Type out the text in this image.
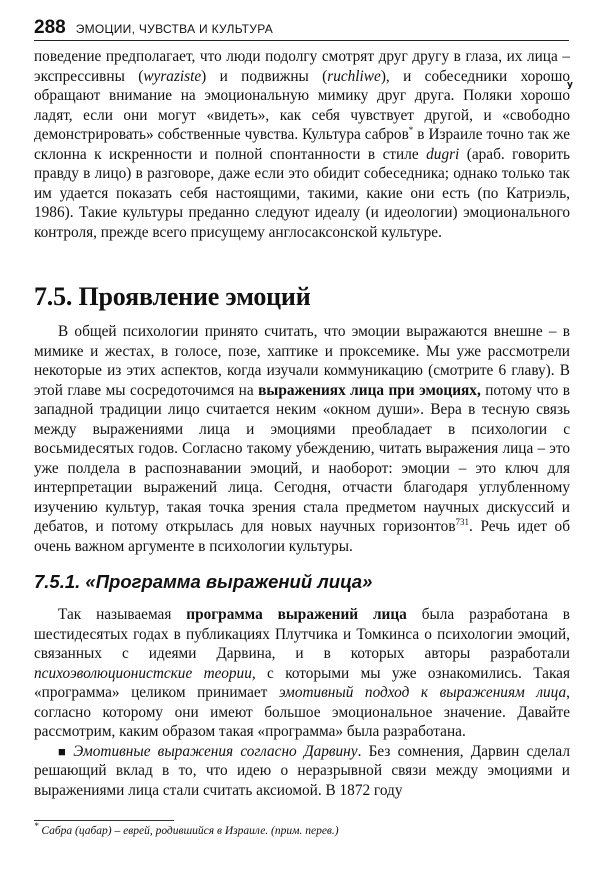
288 ЭМОЦИИ, ЧУВСТВА И КУЛЬТУРА
у

поведение предполагает, что люди подолгу смотрят друг другу в глаза, их лица – экспрессивны (wyraziste) и подвижны (ruchliwe), и собеседники хорошо обращают внимание на эмоциональную мимику друг друга. Поляки хорошо ладят, если они могут «видеть», как себя чувствует другой, и «свободно демонстрировать» собственные чувства. Культура сабров* в Израиле точно так же склонна к искренности и полной спонтанности в стиле dugri (араб. говорить правду в лицо) в разговоре, даже если это обидит собеседника; однако только так им удается показать себя настоящими, такими, какие они есть (по Катриэль, 1986). Такие культуры преданно следуют идеалу (и идеологии) эмоционального контроля, прежде всего присущему англосаксонской культуре.

7.5. Проявление эмоций

В общей психологии принято считать, что эмоции выражаются внешне – в мимике и жестах, в голосе, позе, хаптике и проксемике. Мы уже рассмотрели некоторые из этих аспектов, когда изучали коммуникацию (смотрите 6 главу). В этой главе мы сосредоточимся на выражениях лица при эмоциях, потому что в западной традиции лицо считается неким «окном души». Вера в тесную связь между выражениями лица и эмоциями преобладает в психологии с восьмидесятых годов. Согласно такому убеждению, читать выражения лица – это уже полдела в распознавании эмоций, и наоборот: эмоции – это ключ для интерпретации выражений лица. Сегодня, отчасти благодаря углубленному изучению культур, такая точка зрения стала предметом научных дискуссий и дебатов, и потому открылась для новых научных горизонтов$^{731}$. Речь идет об очень важном аргументе в психологии культуры.

7.5.1. «Программа выражений лица»

Так называемая программа выражений лица была разработана в шестидесятых годах в публикациях Плутчика и Томкинса о психологии эмоций, связанных с идеями Дарвина, и в которых авторы разработали психоэволюционистские теории, с которыми мы уже ознакомились. Такая «программа» целиком принимает эмотивный подход к выражениям лица, согласно которому они имеют большое эмоциональное значение. Давайте рассмотрим, каким образом такая «программа» была разработана.

■ Эмотивные выражения согласно Дарвину. Без сомнения, Дарвин сделал решающий вклад в то, что идею о неразрывной связи между эмоциями и выражениями лица стали считать аксиомой. В 1872 году

* Сабра (цабар) – еврей, родившийся в Израиле. (прим. перев.)
